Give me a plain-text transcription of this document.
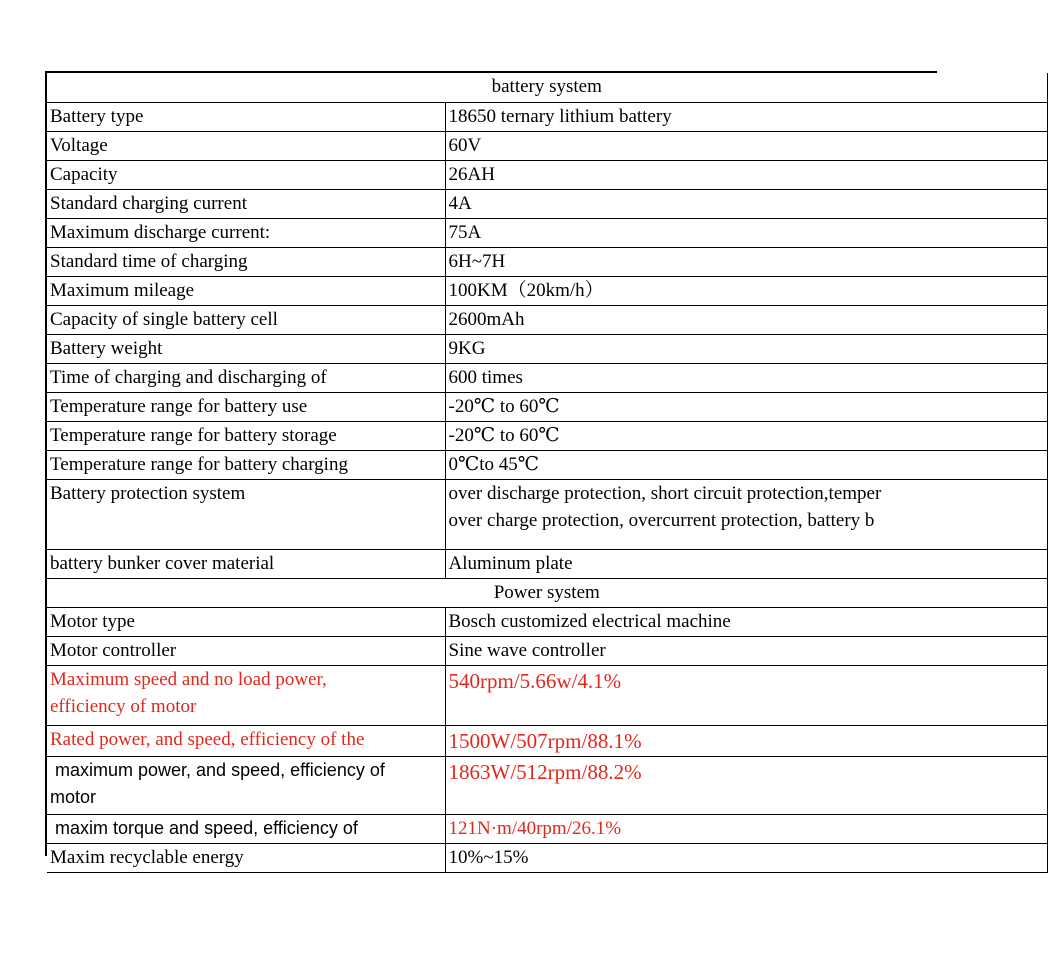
battery system	
Battery type	18650 ternary lithium battery
Voltage	60V
Capacity	26AH
Standard charging current	4A
Maximum discharge current:	75A
Standard time of charging	6H~7H
Maximum mileage	100KM（20km/h）
Capacity of single battery cell	2600mAh
Battery weight	9KG
Time of charging and discharging of	600 times
Temperature range for battery use	-20℃ to 60℃
Temperature range for battery storage	-20℃ to 60℃
Temperature range for battery charging	0℃to 45℃
Battery protection system	over discharge protection, short circuit protection,temper
over charge protection, overcurrent protection, battery b

battery bunker cover material	Aluminum plate
Power system	
Motor type	Bosch customized electrical machine
Motor controller	Sine wave controller

Maximum speed and no load power,
efficiency of motor	540rpm/5.66w/4.1%
Rated power, and speed, efficiency of the	1500W/507rpm/88.1%

maximum power, and speed, efficiency of
motor	1863W/512rpm/88.2%
maxim torque and speed, efficiency of	121N·m/40rpm/26.1%
Maxim recyclable energy	10%~15%
